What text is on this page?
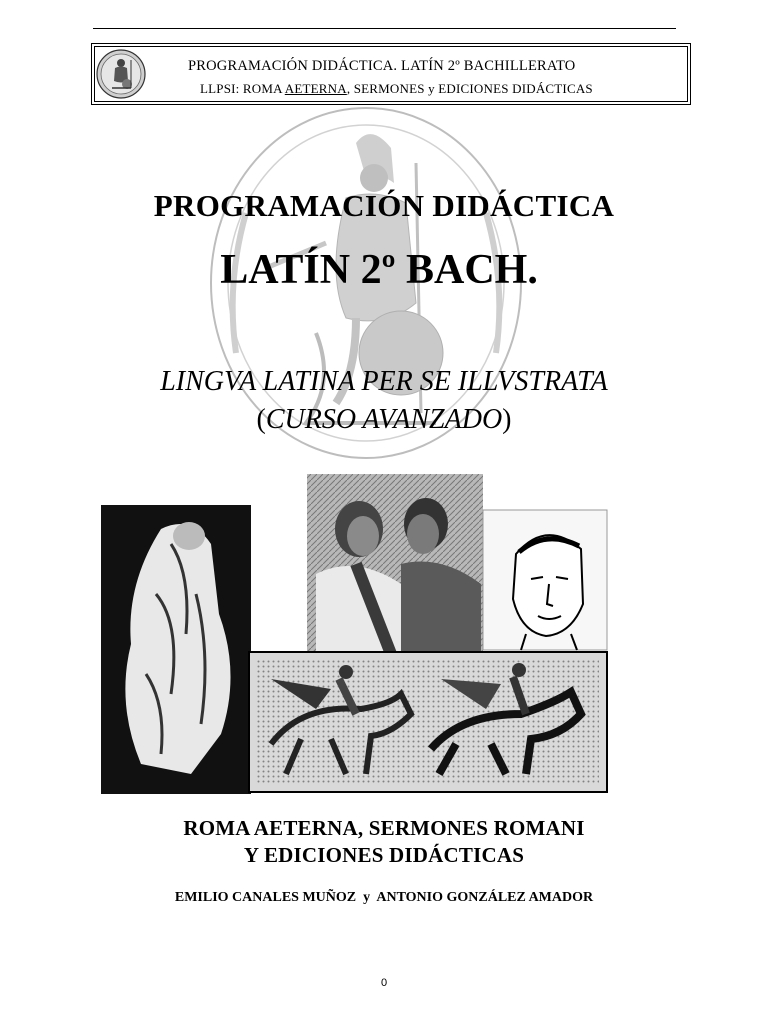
PROGRAMACIÓN DIDÁCTICA. LATÍN 2º BACHILLERATO
LLPSI: ROMA AETERNA, SERMONES y EDICIONES DIDÁCTICAS
PROGRAMACIÓN DIDÁCTICA
LATÍN 2º BACH.
LINGVA LATINA PER SE ILLVSTRATA
(CURSO AVANZADO)
ROMA AETERNA, SERMONES ROMANI
Y EDICIONES DIDÁCTICAS
EMILIO CANALES MUÑOZ  y  ANTONIO GONZÁLEZ AMADOR
0
